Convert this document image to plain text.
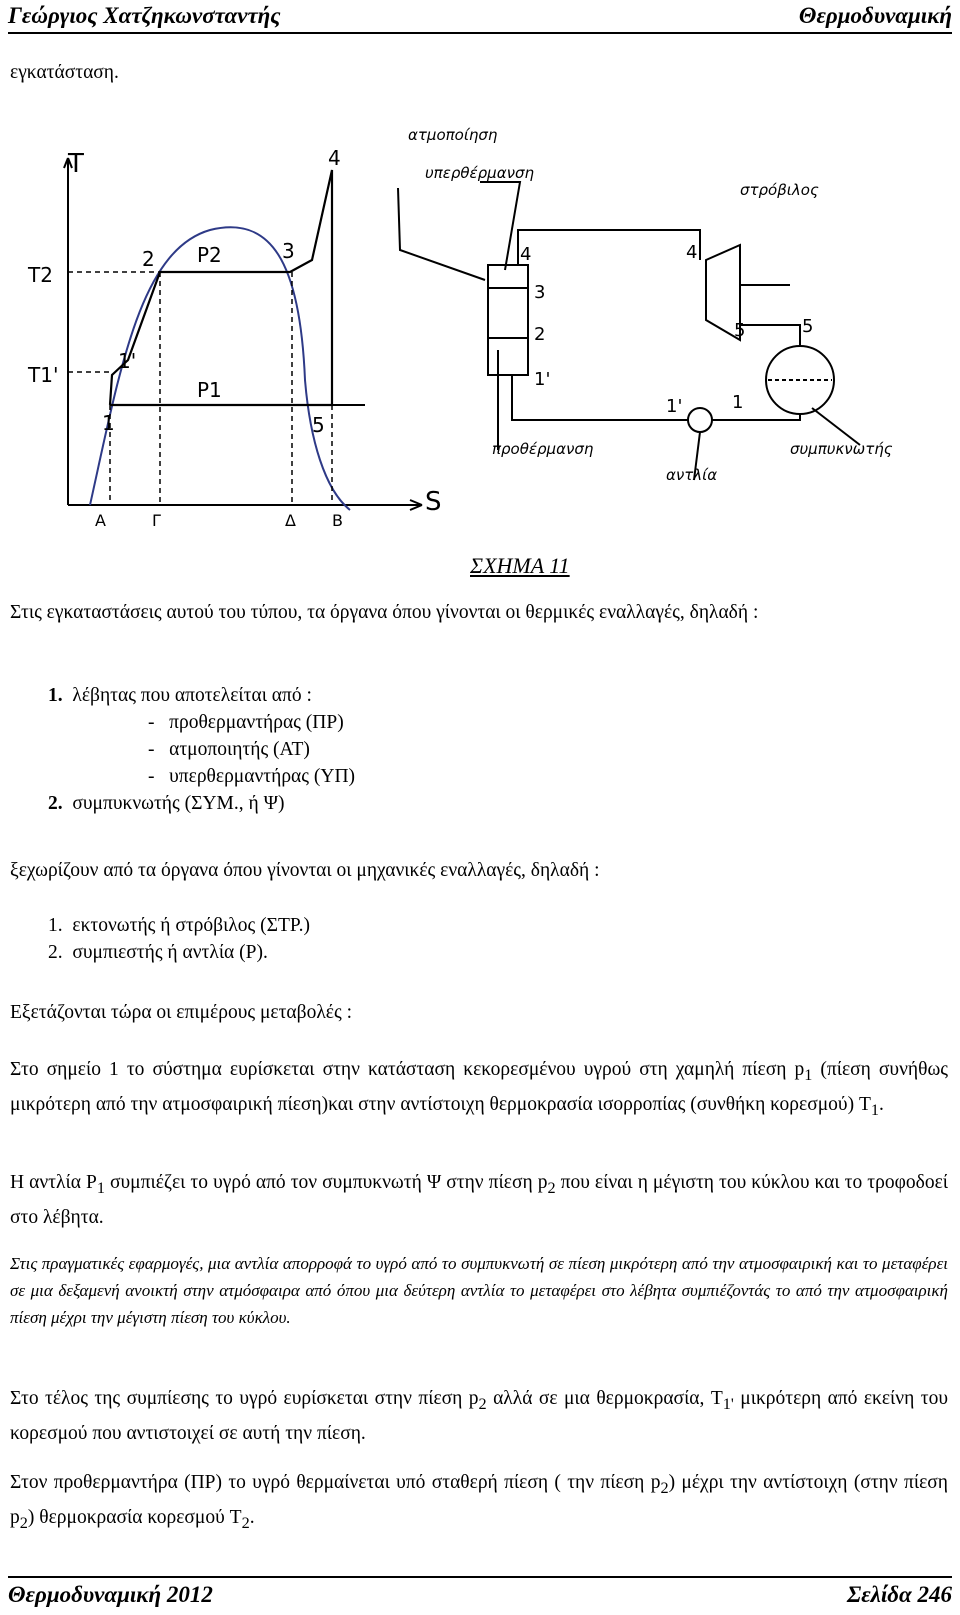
Γεώργιος Χατζηκωνσταντής	Θερμοδυναμική
εγκατάσταση.
T
S
T2
T1'
P2
P1
1
1'
2	3
4
5
Α	Γ	Δ Β
ατμοποίηση
υπερθέρμανση
στρόβιλος
προθέρμανση
αντλία
συμπυκνωτής
4
3
2
1'
4
5	5
1
1'
ΣΧΗΜΑ 11
Στις εγκαταστάσεις αυτού του τύπου, τα όργανα όπου γίνονται οι θερμικές εναλλαγές, δηλαδή :
1. λέβητας που αποτελείται από :
- προθερμαντήρας (ΠΡ)
- ατμοποιητής (ΑΤ)
- υπερθερμαντήρας (ΥΠ)
2. συμπυκνωτής (ΣΥΜ., ή Ψ)
ξεχωρίζουν από τα όργανα όπου γίνονται οι μηχανικές εναλλαγές, δηλαδή :
1. εκτονωτής ή στρόβιλος (ΣΤΡ.)
2. συμπιεστής ή αντλία (Ρ).
Εξετάζονται τώρα οι επιμέρους μεταβολές :
Στο σημείο 1 το σύστημα ευρίσκεται στην κατάσταση κεκορεσμένου υγρού στη χαμηλή πίεση $p_1$ (πίεση συνήθως μικρότερη από την ατμοσφαιρική πίεση)και στην αντίστοιχη θερμοκρασία ισορροπίας (συνθήκη κορεσμού) $T_1$.
Η αντλία $P_1$ συμπιέζει το υγρό από τον συμπυκνωτή Ψ στην πίεση $p_2$ που είναι η μέγιστη του κύκλου και το τροφοδοεί στο λέβητα.
Στις πραγματικές εφαρμογές, μια αντλία απορροφά το υγρό από το συμπυκνωτή σε πίεση μικρότερη από την ατμοσφαιρική και το μεταφέρει σε μια δεξαμενή ανοικτή στην ατμόσφαιρα από όπου μια δεύτερη αντλία το μεταφέρει στο λέβητα συμπιέζοντάς το από την ατμοσφαιρική πίεση μέχρι την μέγιστη πίεση του κύκλου.
Στο τέλος της συμπίεσης το υγρό ευρίσκεται στην πίεση $p_2$ αλλά σε μια θερμοκρασία, $T_{1'}$ μικρότερη από εκείνη του κορεσμού που αντιστοιχεί σε αυτή την πίεση.
Στον προθερμαντήρα (ΠΡ) το υγρό θερμαίνεται υπό σταθερή πίεση ( την πίεση $p_2$) μέχρι την αντίστοιχη (στην πίεση $p_2$) θερμοκρασία κορεσμού $T_2$.
Θερμοδυναμική 2012	Σελίδα 246
